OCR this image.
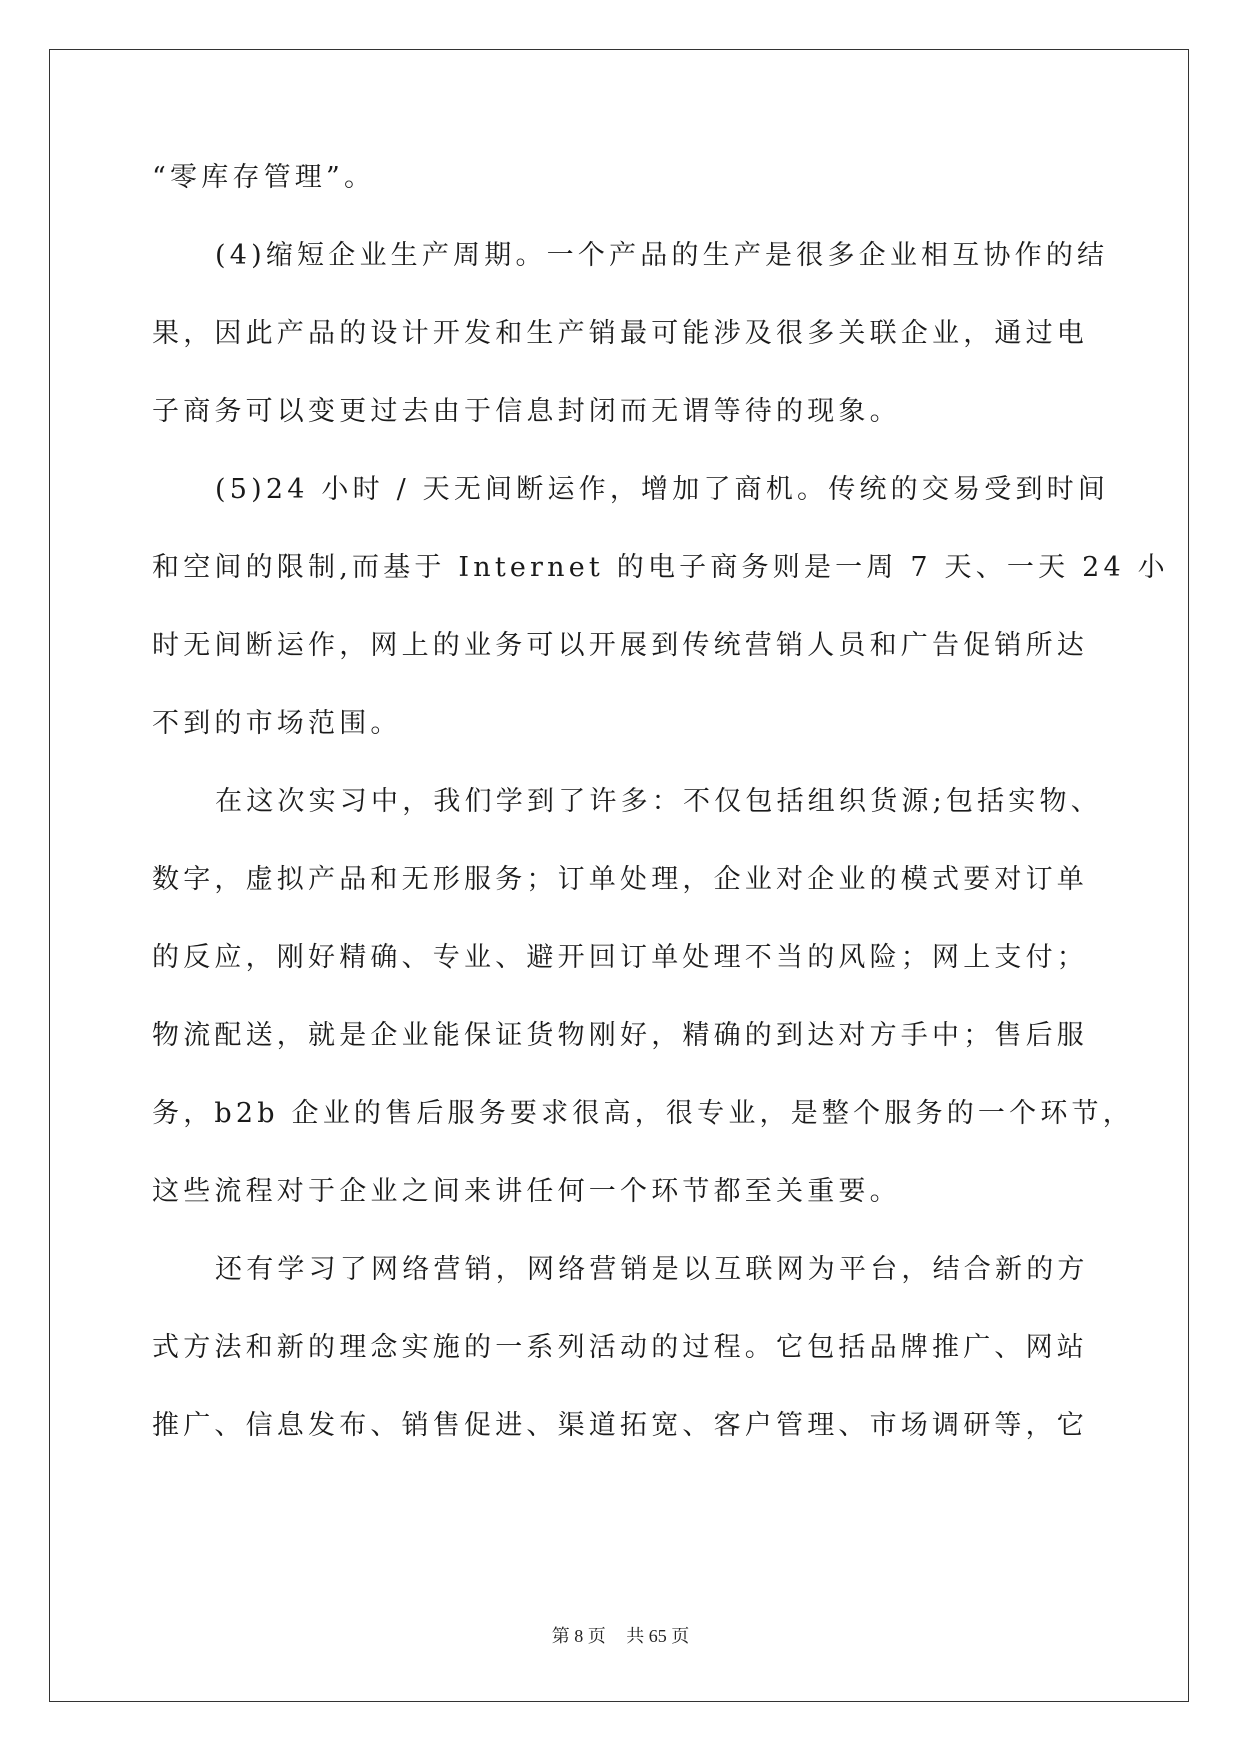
“零库存管理”。
(4)缩短企业生产周期。一个产品的生产是很多企业相互协作的结
果，因此产品的设计开发和生产销最可能涉及很多关联企业，通过电
子商务可以变更过去由于信息封闭而无谓等待的现象。
(5)24 小时 / 天无间断运作，增加了商机。传统的交易受到时间
和空间的限制,而基于 Internet 的电子商务则是一周 7 天、一天 24 小
时无间断运作，网上的业务可以开展到传统营销人员和广告促销所达
不到的市场范围。
在这次实习中，我们学到了许多：不仅包括组织货源;包括实物、
数字，虚拟产品和无形服务；订单处理，企业对企业的模式要对订单
的反应，刚好精确、专业、避开回订单处理不当的风险；网上支付；
物流配送，就是企业能保证货物刚好，精确的到达对方手中；售后服
务，b2b 企业的售后服务要求很高，很专业，是整个服务的一个环节，
这些流程对于企业之间来讲任何一个环节都至关重要。
还有学习了网络营销，网络营销是以互联网为平台，结合新的方
式方法和新的理念实施的一系列活动的过程。它包括品牌推广、网站
推广、信息发布、销售促进、渠道拓宽、客户管理、市场调研等，它
第 8 页 共 65 页
